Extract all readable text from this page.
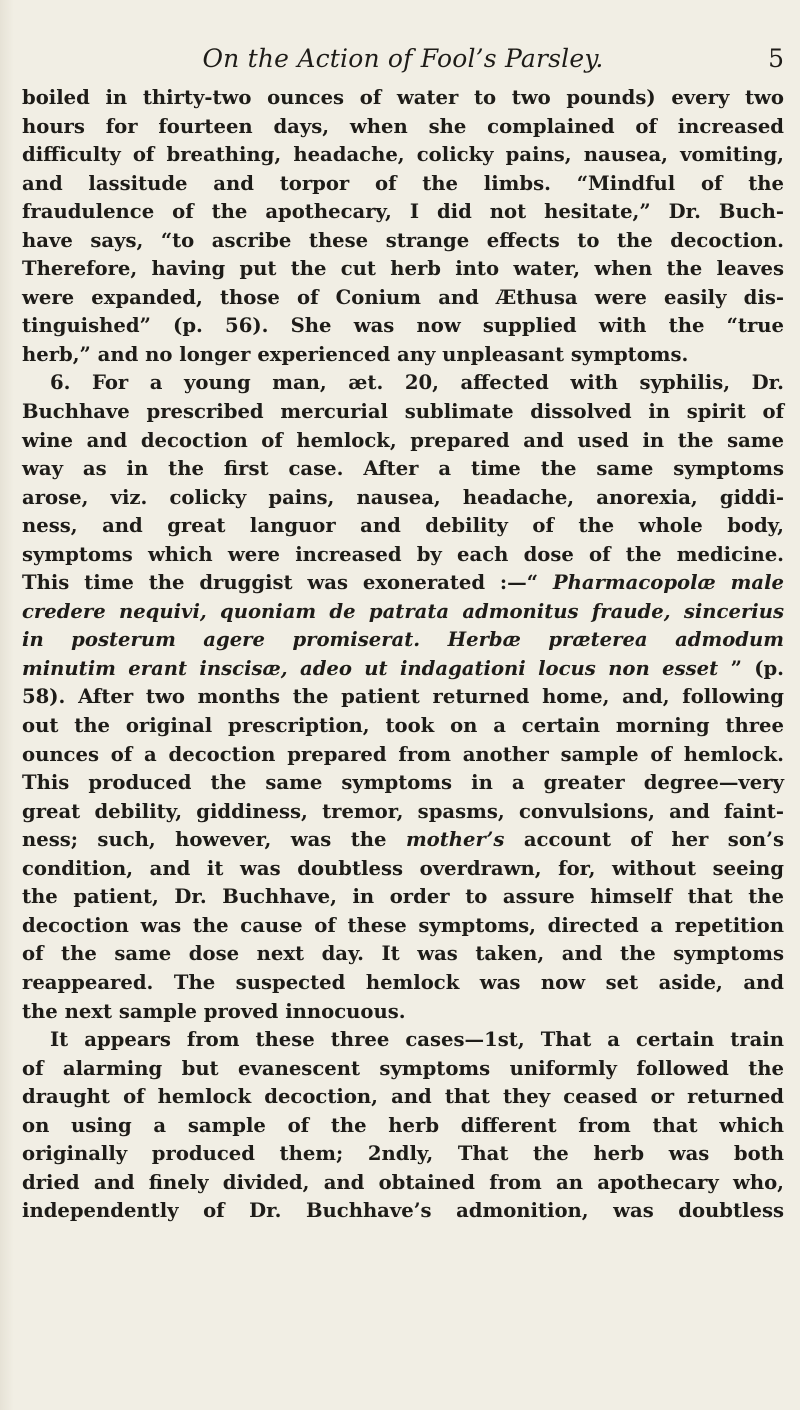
On the Action of Fool’s Parsley.	5
boiled in thirty-two ounces of water to two pounds) every two
hours for fourteen days, when she complained of increased
difficulty of breathing, headache, colicky pains, nausea, vomiting,
and lassitude and torpor of the limbs. “Mindful of the
fraudulence of the apothecary, I did not hesitate,” Dr. Buch-
have says, “to ascribe these strange effects to the decoction.
Therefore, having put the cut herb into water, when the leaves
were expanded, those of Conium and Æthusa were easily dis-
tinguished” (p. 56). She was now supplied with the “true
herb,” and no longer experienced any unpleasant symptoms.
6. For a young man, æt. 20, affected with syphilis, Dr.
Buchhave prescribed mercurial sublimate dissolved in spirit of
wine and decoction of hemlock, prepared and used in the same
way as in the first case. After a time the same symptoms
arose, viz. colicky pains, nausea, headache, anorexia, giddi-
ness, and great languor and debility of the whole body,
symptoms which were increased by each dose of the medicine.
This time the druggist was exonerated :—“ Pharmacopolæ male
credere nequivi, quoniam de patrata admonitus fraude, sincerius
in posterum agere promiserat. Herbæ præterea admodum
minutim erant inscisæ, adeo ut indagationi locus non esset ” (p.
58). After two months the patient returned home, and, following
out the original prescription, took on a certain morning three
ounces of a decoction prepared from another sample of hemlock.
This produced the same symptoms in a greater degree—very
great debility, giddiness, tremor, spasms, convulsions, and faint-
ness; such, however, was the mother’s account of her son’s
condition, and it was doubtless overdrawn, for, without seeing
the patient, Dr. Buchhave, in order to assure himself that the
decoction was the cause of these symptoms, directed a repetition
of the same dose next day. It was taken, and the symptoms
reappeared. The suspected hemlock was now set aside, and
the next sample proved innocuous.
It appears from these three cases—1st, That a certain train
of alarming but evanescent symptoms uniformly followed the
draught of hemlock decoction, and that they ceased or returned
on using a sample of the herb different from that which
originally produced them; 2ndly, That the herb was both
dried and finely divided, and obtained from an apothecary who,
independently of Dr. Buchhave’s admonition, was doubtless
